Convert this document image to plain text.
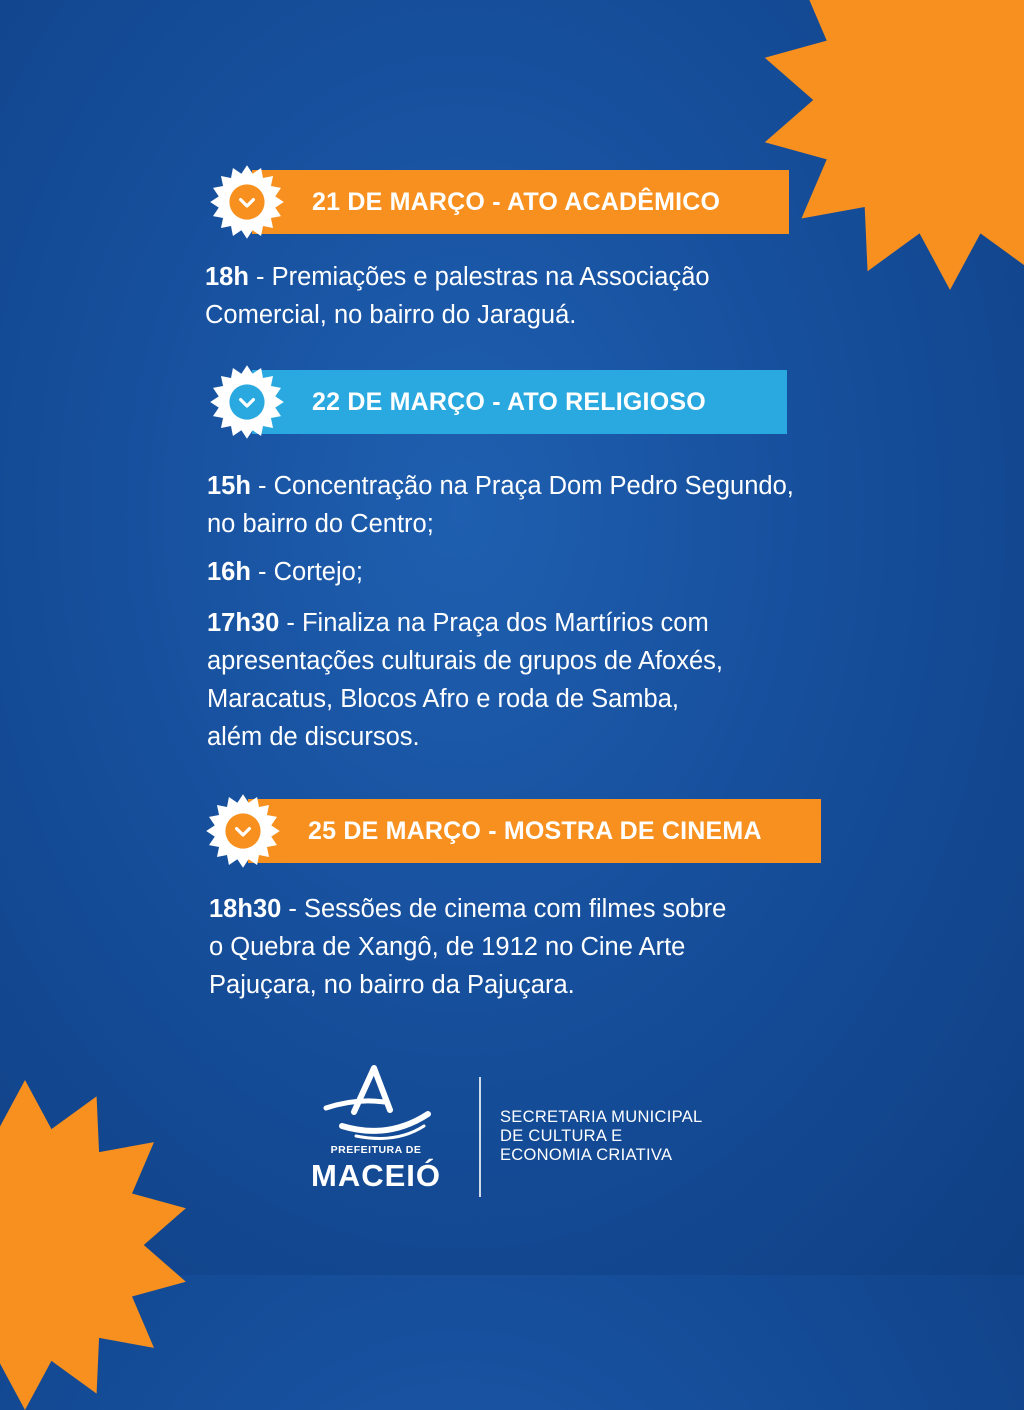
21 DE MARÇO - ATO ACADÊMICO
18h - Premiações e palestras na Associação
Comercial, no bairro do Jaraguá.
22 DE MARÇO - ATO RELIGIOSO
15h - Concentração na Praça Dom Pedro Segundo,
no bairro do Centro;
16h - Cortejo;
17h30 - Finaliza na Praça dos Martírios com
apresentações culturais de grupos de Afoxés,
Maracatus, Blocos Afro e roda de Samba,
além de discursos.
25 DE MARÇO - MOSTRA DE CINEMA
18h30 - Sessões de cinema com filmes sobre
o Quebra de Xangô, de 1912 no Cine Arte
Pajuçara, no bairro da Pajuçara.
PREFEITURA DE
MACEIÓ
SECRETARIA MUNICIPAL
DE CULTURA E
ECONOMIA CRIATIVA
